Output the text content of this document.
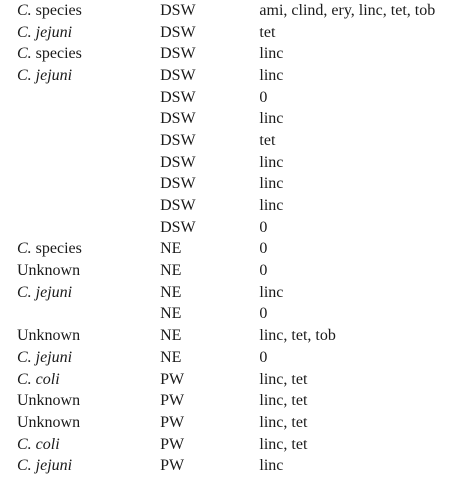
C. species	DSW	ami, clind, ery, linc, tet, tob
C. jejuni	DSW	tet
C. species	DSW	linc
C. jejuni	DSW	linc
	DSW	0
	DSW	linc
	DSW	tet
	DSW	linc
	DSW	linc
	DSW	linc
	DSW	0
C. species	NE	0
Unknown	NE	0
C. jejuni	NE	linc
	NE	0
Unknown	NE	linc, tet, tob
C. jejuni	NE	0
C. coli	PW	linc, tet
Unknown	PW	linc, tet
Unknown	PW	linc, tet
C. coli	PW	linc, tet
C. jejuni	PW	linc
